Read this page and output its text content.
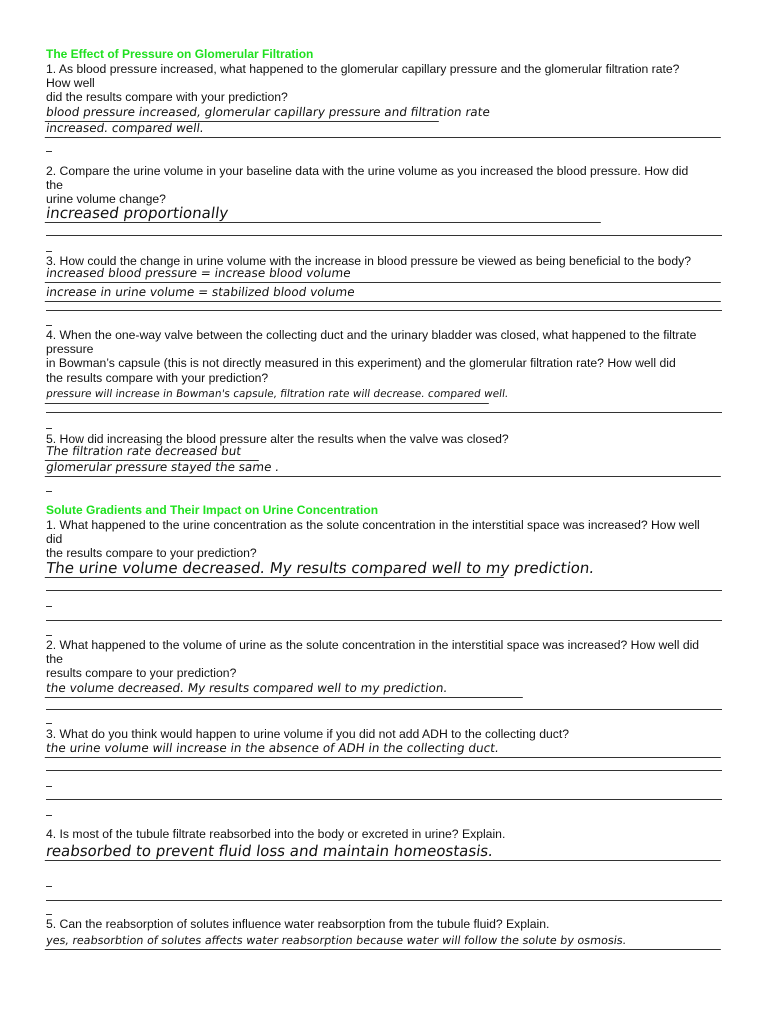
The Effect of Pressure on Glomerular Filtration
1. As blood pressure increased, what happened to the glomerular capillary pressure and the glomerular filtration rate?
How well
did the results compare with your prediction?
blood pressure increased, glomerular capillary pressure and filtration rate
increased. compared well.
2. Compare the urine volume in your baseline data with the urine volume as you increased the blood pressure. How did
the
urine volume change?
increased proportionally
3. How could the change in urine volume with the increase in blood pressure be viewed as being beneficial to the body?
increased blood pressure = increase blood volume
increase in urine volume = stabilized blood volume
4. When the one-way valve between the collecting duct and the urinary bladder was closed, what happened to the filtrate
pressure
in Bowman’s capsule (this is not directly measured in this experiment) and the glomerular filtration rate? How well did
the results compare with your prediction?
pressure will increase in Bowman's capsule, filtration rate will decrease. compared well.
5. How did increasing the blood pressure alter the results when the valve was closed?
The filtration rate decreased but
glomerular pressure stayed the same .
Solute Gradients and Their Impact on Urine Concentration
1. What happened to the urine concentration as the solute concentration in the interstitial space was increased? How well
did
the results compare to your prediction?
The urine volume decreased. My results compared well to my prediction.
2. What happened to the volume of urine as the solute concentration in the interstitial space was increased? How well did
the
results compare to your prediction?
the volume decreased. My results compared well to my prediction.
3. What do you think would happen to urine volume if you did not add ADH to the collecting duct?
the urine volume will increase in the absence of ADH in the collecting duct.
4. Is most of the tubule filtrate reabsorbed into the body or excreted in urine? Explain.
reabsorbed to prevent fluid loss and maintain homeostasis.
5. Can the reabsorption of solutes influence water reabsorption from the tubule fluid? Explain.
yes, reabsorbtion of solutes affects water reabsorption because water will follow the solute by osmosis.
